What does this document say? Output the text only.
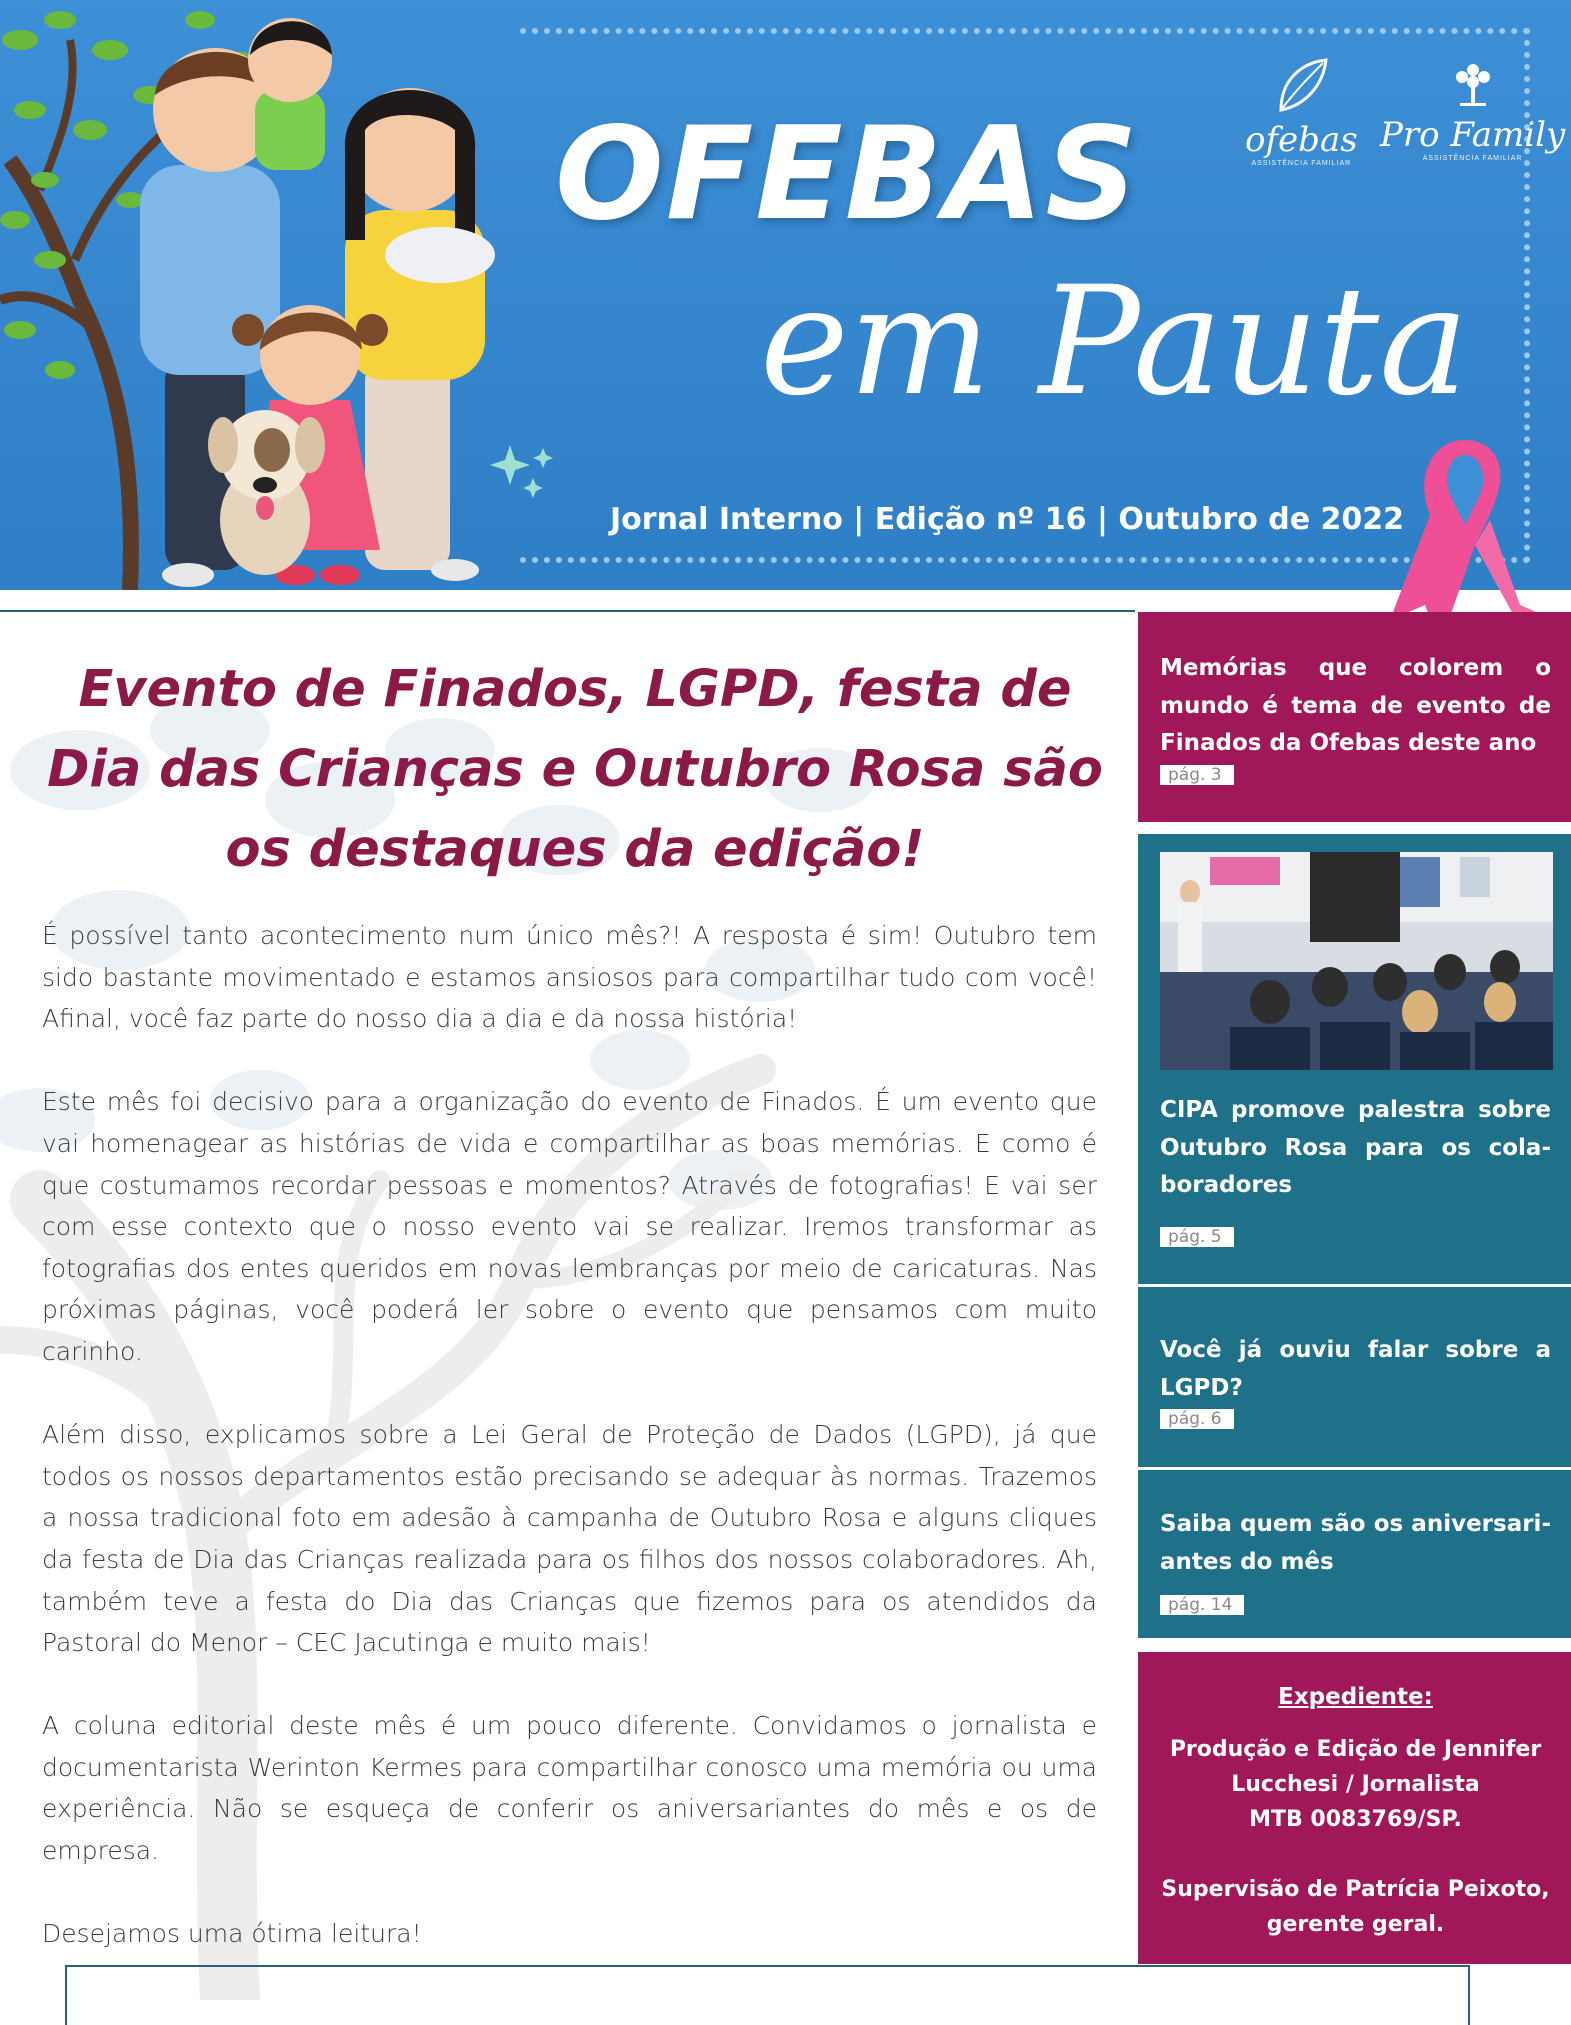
OFEBAS
em Pauta

Jornal Interno | Edição nº 16 | Outubro de 2022

ofebas
ASSISTÊNCIA FAMILIAR
Pro Family
ASSISTÊNCIA FAMILIAR
Evento de Finados, LGPD, festa de Dia das Crianças e Outubro Rosa são os destaques da edição!

É possível tanto acontecimento num único mês?! A resposta é sim! Outubro tem sido bastante movimentado e estamos ansiosos para compartilhar tudo com você! Afinal, você faz parte do nosso dia a dia e da nossa história!

Este mês foi decisivo para a organização do evento de Finados. É um evento que vai homenagear as histórias de vida e compartilhar as boas memórias. E como é que costumamos recordar pessoas e momentos? Através de fotografias! E vai ser com esse contexto que o nosso evento vai se realizar. Iremos transformar as fotografias dos entes queridos em novas lembranças por meio de caricaturas. Nas próximas páginas, você poderá ler sobre o evento que pensamos com muito carinho.

Além disso, explicamos sobre a Lei Geral de Proteção de Dados (LGPD), já que todos os nossos departamentos estão precisando se adequar às normas. Trazemos a nossa tradicional foto em adesão à campanha de Outubro Rosa e alguns cliques da festa de Dia das Crianças realizada para os filhos dos nossos colaboradores. Ah, também teve a festa do Dia das Crianças que fizemos para os atendidos da Pastoral do Menor – CEC Jacutinga e muito mais!

A coluna editorial deste mês é um pouco diferente. Convidamos o jornalista e documentarista Werinton Kermes para compartilhar conosco uma memória ou uma experiência. Não se esqueça de conferir os aniversariantes do mês e os de empresa.

Desejamos uma ótima leitura!

Memórias que colorem o mundo é tema de evento de Finados da Ofebas deste ano

pág. 3

CIPA promove palestra sobre Outubro Rosa para os cola- boradores

pág. 5

Você já ouviu falar sobre a LGPD?

pág. 6

Saiba quem são os aniversari- antes do mês

pág. 14

Expediente:

Produção e Edição de Jennifer

Lucchesi / Jornalista

MTB 0083769/SP.

Supervisão de Patrícia Peixoto,

gerente geral.
